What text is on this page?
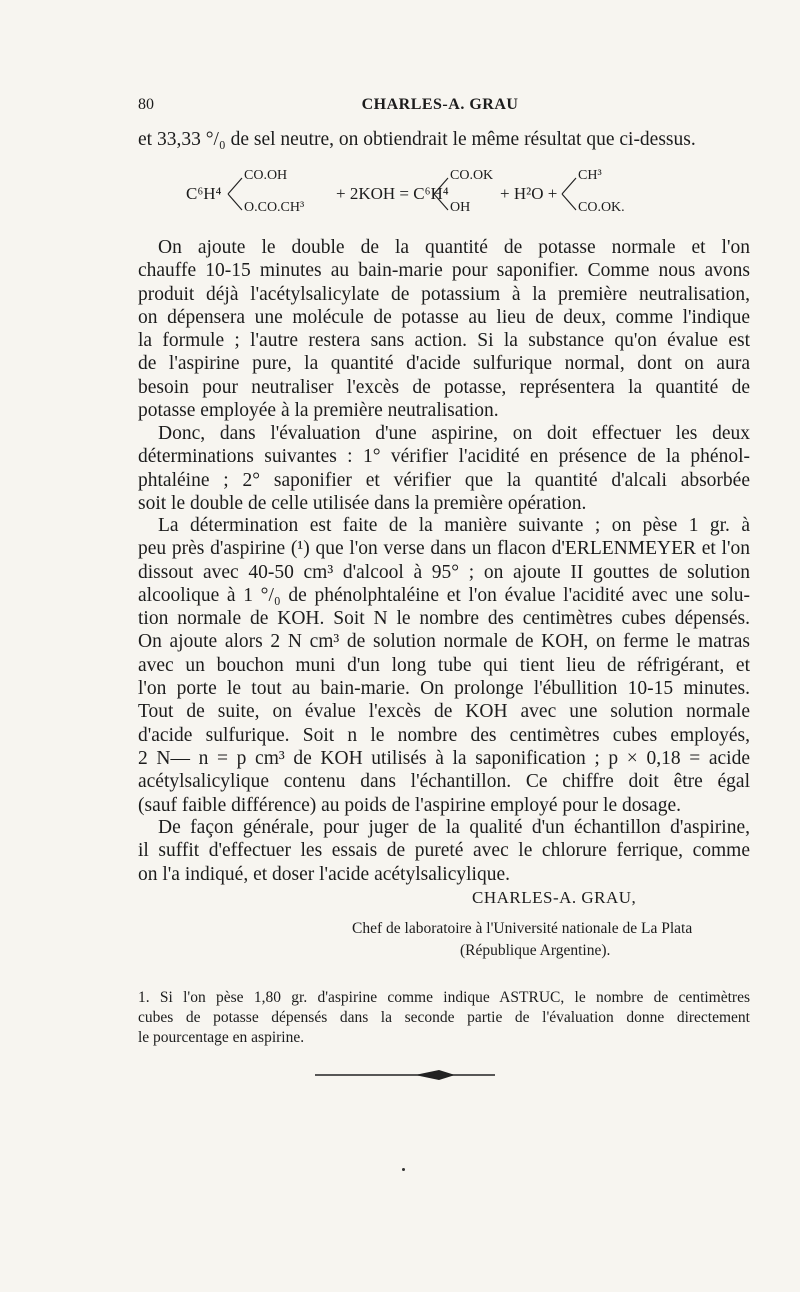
80	CHARLES-A. GRAU
et 33,33 °/₀ de sel neutre, on obtiendrait le même résultat que ci-dessus.
C⁶H⁴
CO.OH
O.CO.CH³
+ 2KOH = C⁶H⁴
CO.OK
OH
+ H²O +
CH³
CO.OK.
On ajoute le double de la quantité de potasse normale et l'on
chauffe 10-15 minutes au bain-marie pour saponifier. Comme nous avons
produit déjà l'acétylsalicylate de potassium à la première neutralisation,
on dépensera une molécule de potasse au lieu de deux, comme l'indique
la formule ; l'autre restera sans action. Si la substance qu'on évalue est
de l'aspirine pure, la quantité d'acide sulfurique normal, dont on aura
besoin pour neutraliser l'excès de potasse, représentera la quantité de
potasse employée à la première neutralisation.
Donc, dans l'évaluation d'une aspirine, on doit effectuer les deux
déterminations suivantes : 1° vérifier l'acidité en présence de la phénol-
phtaléine ; 2° saponifier et vérifier que la quantité d'alcali absorbée
soit le double de celle utilisée dans la première opération.
La détermination est faite de la manière suivante ; on pèse 1 gr. à
peu près d'aspirine (¹) que l'on verse dans un flacon d'ERLENMEYER et l'on
dissout avec 40-50 cm³ d'alcool à 95° ; on ajoute II gouttes de solution
alcoolique à 1 °/₀ de phénolphtaléine et l'on évalue l'acidité avec une solu-
tion normale de KOH. Soit N le nombre des centimètres cubes dépensés.
On ajoute alors 2 N cm³ de solution normale de KOH, on ferme le matras
avec un bouchon muni d'un long tube qui tient lieu de réfrigérant, et
l'on porte le tout au bain-marie. On prolonge l'ébullition 10-15 minutes.
Tout de suite, on évalue l'excès de KOH avec une solution normale
d'acide sulfurique. Soit n le nombre des centimètres cubes employés,
2 N— n = p cm³ de KOH utilisés à la saponification ; p × 0,18 = acide
acétylsalicylique contenu dans l'échantillon. Ce chiffre doit être égal
(sauf faible différence) au poids de l'aspirine employé pour le dosage.
De façon générale, pour juger de la qualité d'un échantillon d'aspirine,
il suffit d'effectuer les essais de pureté avec le chlorure ferrique, comme
on l'a indiqué, et doser l'acide acétylsalicylique.
CHARLES-A. GRAU,
Chef de laboratoire à l'Université nationale de La Plata
(République Argentine).
1. Si l'on pèse 1,80 gr. d'aspirine comme indique ASTRUC, le nombre de centimètres
cubes de potasse dépensés dans la seconde partie de l'évaluation donne directement
le pourcentage en aspirine.
